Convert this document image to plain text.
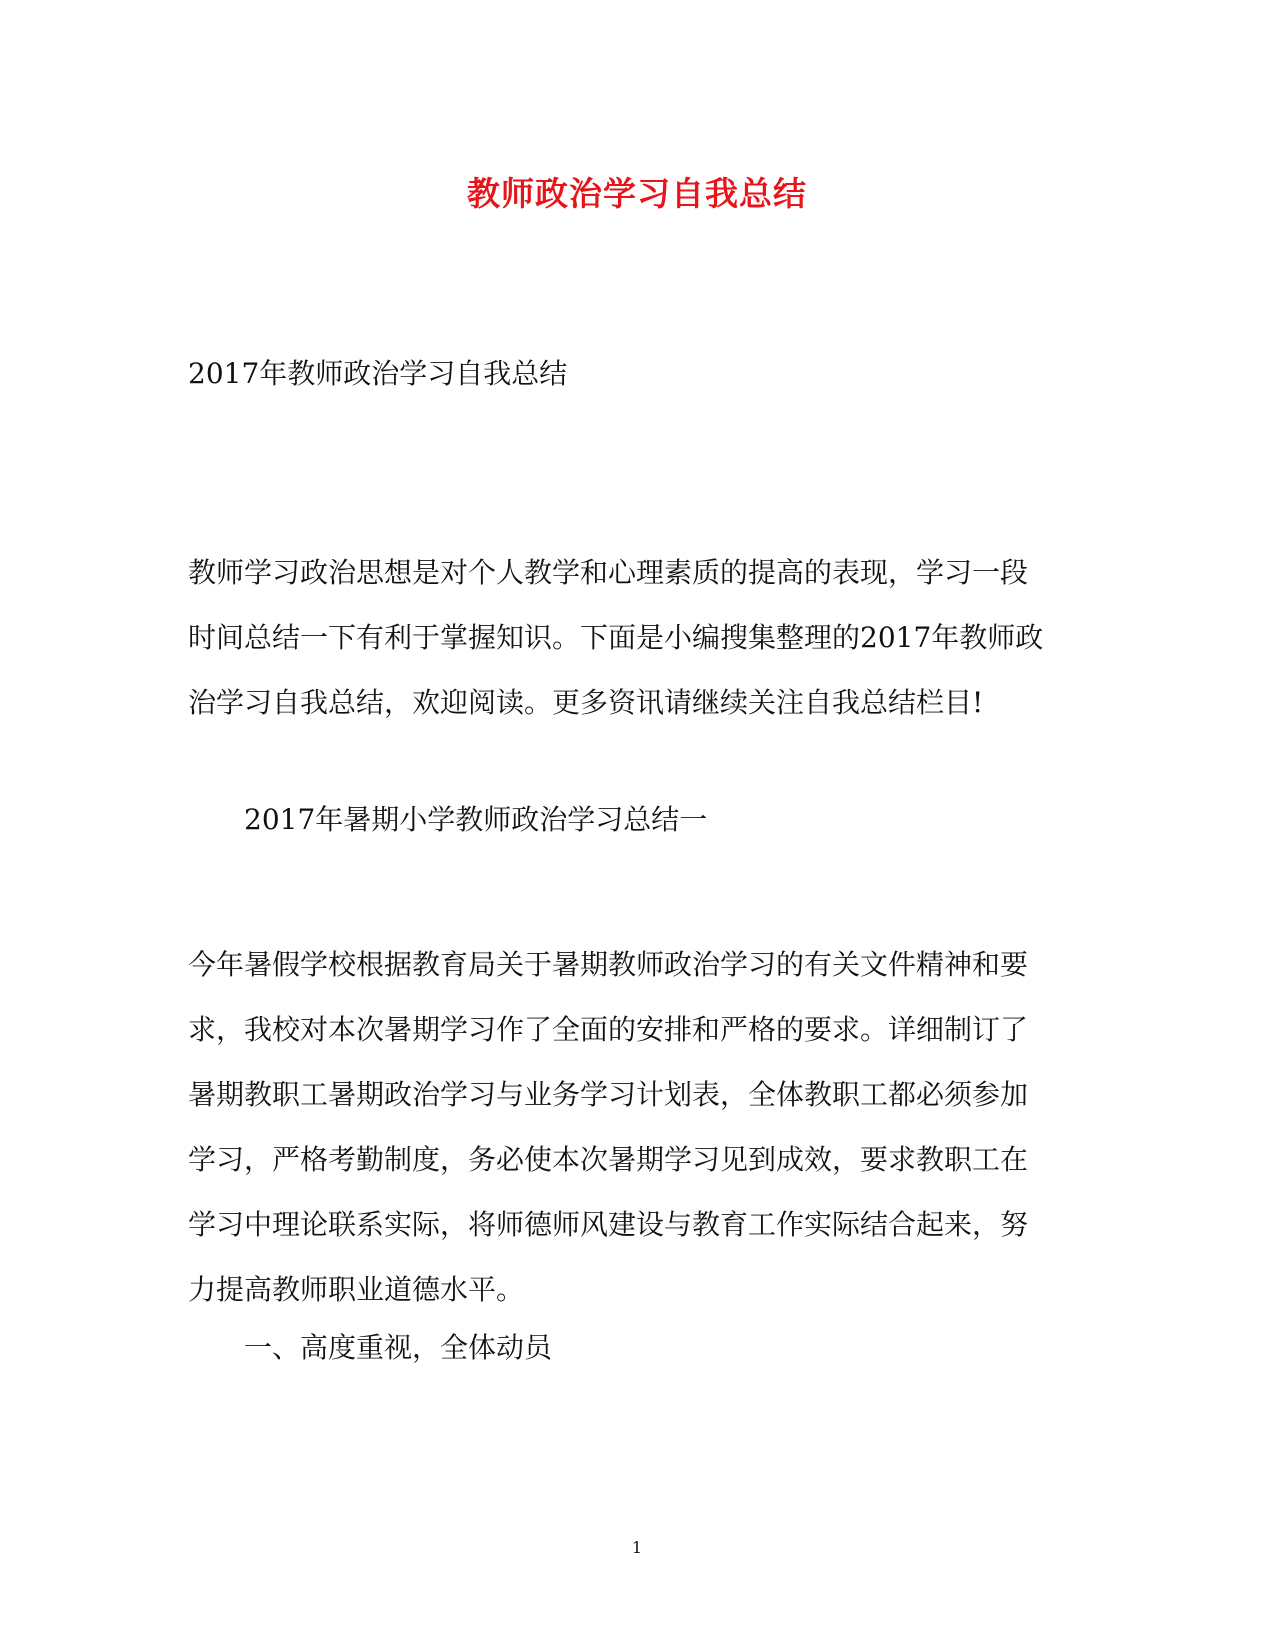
教师政治学习自我总结
2017年教师政治学习自我总结
教师学习政治思想是对个人教学和心理素质的提高的表现，学习一段
时间总结一下有利于掌握知识。下面是小编搜集整理的2017年教师政
治学习自我总结，欢迎阅读。更多资讯请继续关注自我总结栏目!
2017年暑期小学教师政治学习总结一
今年暑假学校根据教育局关于暑期教师政治学习的有关文件精神和要
求，我校对本次暑期学习作了全面的安排和严格的要求。详细制订了
暑期教职工暑期政治学习与业务学习计划表，全体教职工都必须参加
学习，严格考勤制度，务必使本次暑期学习见到成效，要求教职工在
学习中理论联系实际，将师德师风建设与教育工作实际结合起来，努
力提高教师职业道德水平。
一、高度重视，全体动员
1
